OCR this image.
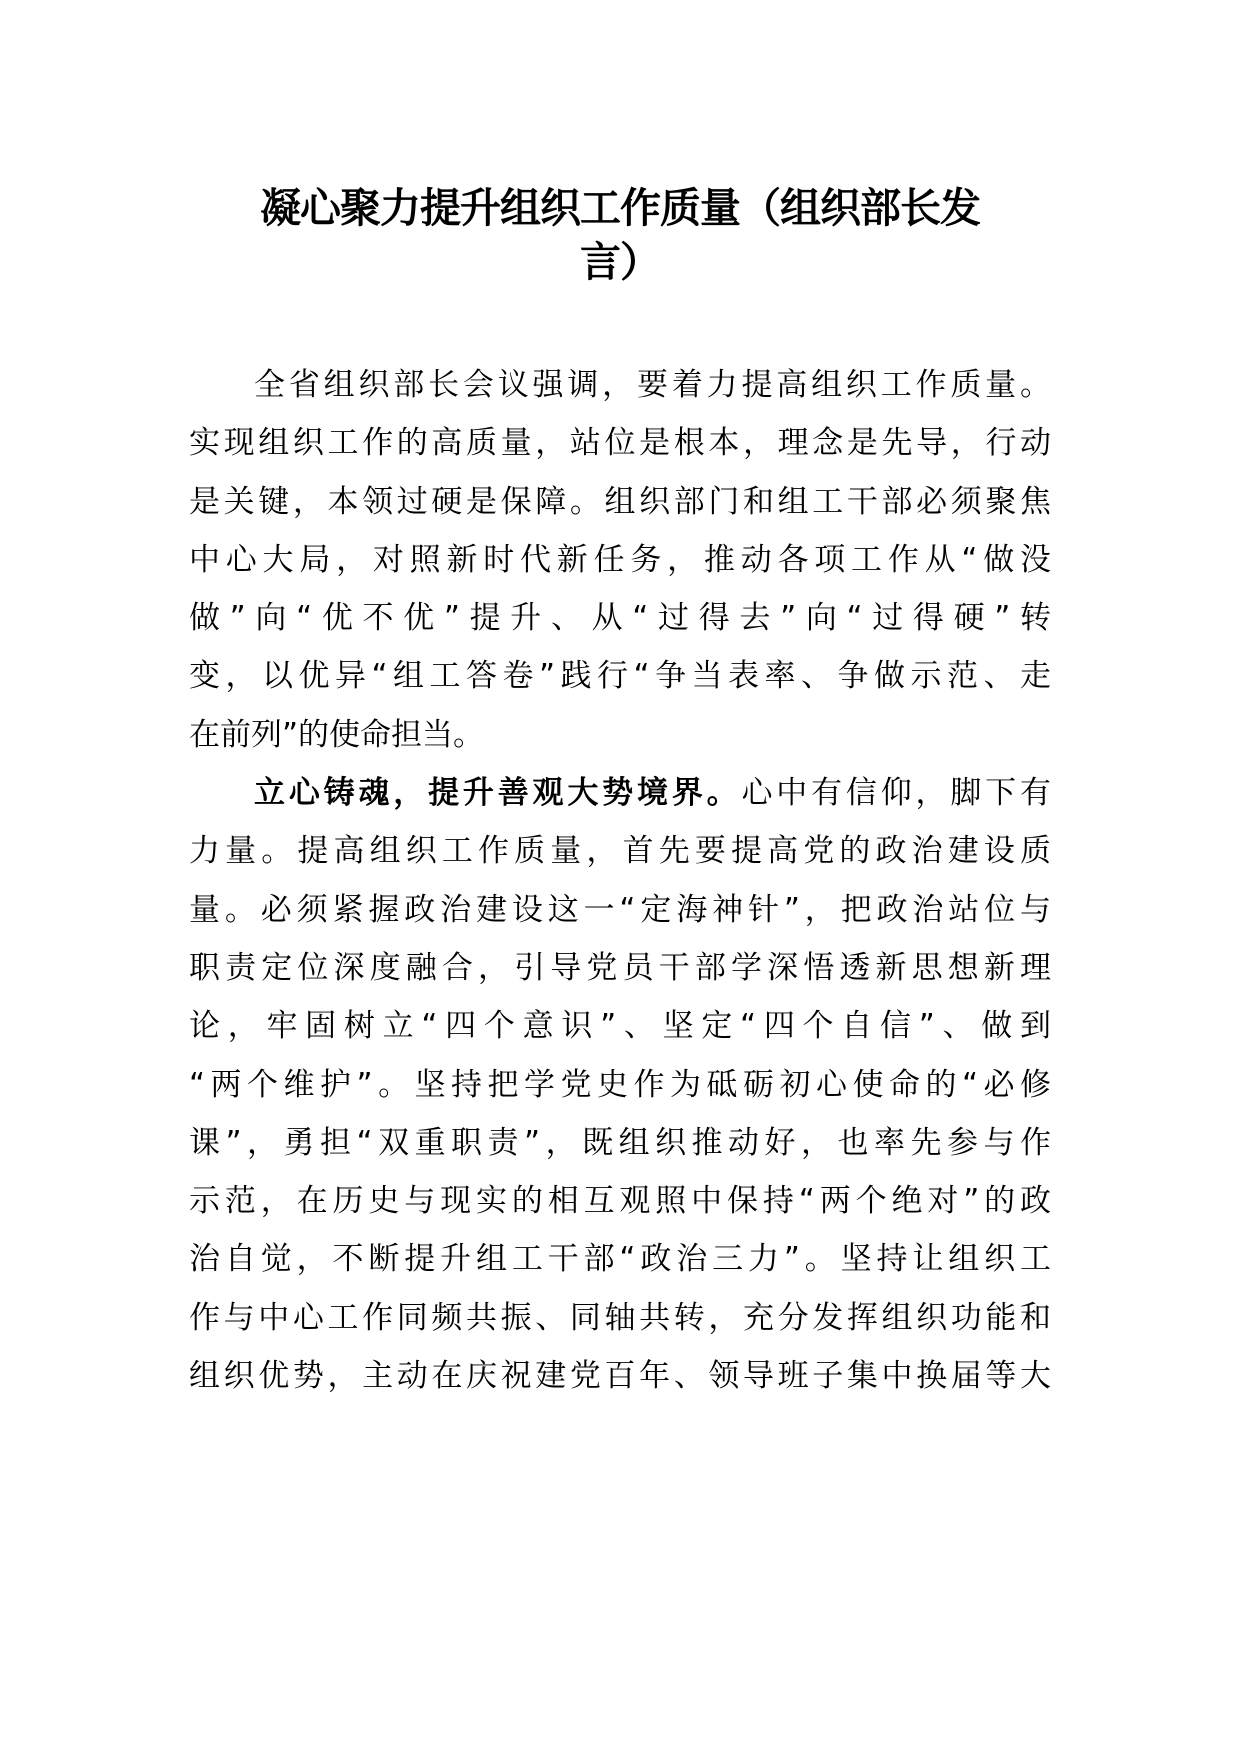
凝心聚力提升组织工作质量（组织部长发
言）
全省组织部长会议强调，要着力提高组织工作质量。
实现组织工作的高质量，站位是根本，理念是先导，行动
是关键，本领过硬是保障。组织部门和组工干部必须聚焦
中心大局，对照新时代新任务，推动各项工作从“做没
做”向“优不优”提升、从“过得去”向“过得硬”转
变，以优异“组工答卷”践行“争当表率、争做示范、走
在前列”的使命担当。
立心铸魂，提升善观大势境界。心中有信仰，脚下有
力量。提高组织工作质量，首先要提高党的政治建设质
量。必须紧握政治建设这一“定海神针”，把政治站位与
职责定位深度融合，引导党员干部学深悟透新思想新理
论，牢固树立“四个意识”、坚定“四个自信”、做到
“两个维护”。坚持把学党史作为砥砺初心使命的“必修
课”，勇担“双重职责”，既组织推动好，也率先参与作
示范，在历史与现实的相互观照中保持“两个绝对”的政
治自觉，不断提升组工干部“政治三力”。坚持让组织工
作与中心工作同频共振、同轴共转，充分发挥组织功能和
组织优势，主动在庆祝建党百年、领导班子集中换届等大
